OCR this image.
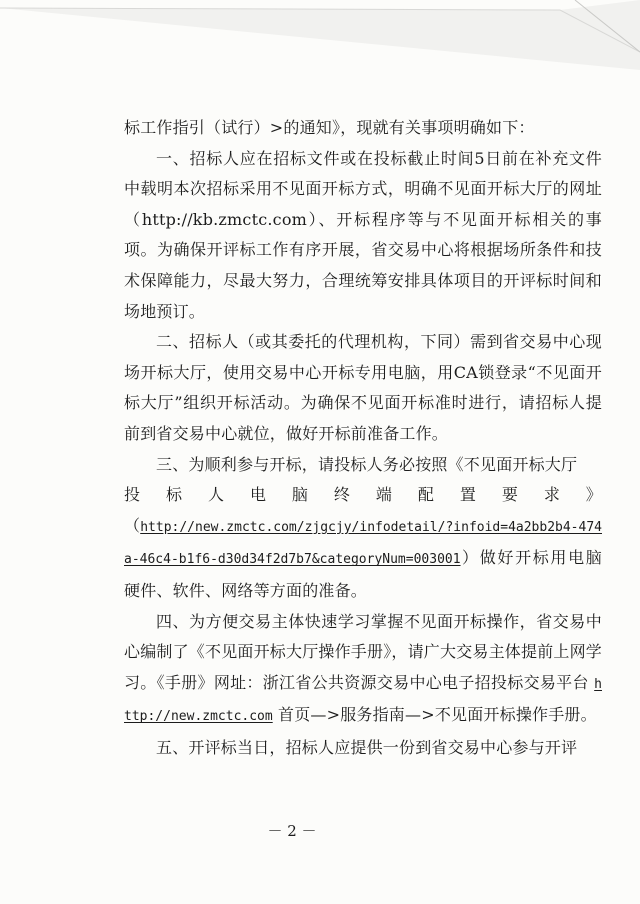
标工作指引（试行）>的通知》，现就有关事项明确如下：

一、招标人应在招标文件或在投标截止时间5日前在补充文件中载明本次招标采用不见面开标方式，明确不见面开标大厅的网址（http://kb.zmctc.com）、开标程序等与不见面开标相关的事项。为确保开评标工作有序开展，省交易中心将根据场所条件和技术保障能力，尽最大努力，合理统筹安排具体项目的开评标时间和场地预订。

二、招标人（或其委托的代理机构，下同）需到省交易中心现场开标大厅，使用交易中心开标专用电脑，用CA锁登录“不见面开标大厅”组织开标活动。为确保不见面开标准时进行，请招标人提前到省交易中心就位，做好开标前准备工作。

三、为顺利参与开标，请投标人务必按照《不见面开标大厅

投标人电脑终端配置要求》

（http://new.zmctc.com/zjgcjy/infodetail/?infoid=4a2bb2b4-474a-46c4-b1f6-d30d34f2d7b7&categoryNum=003001）做好开标用电脑硬件、软件、网络等方面的准备。

四、为方便交易主体快速学习掌握不见面开标操作，省交易中心编制了《不见面开标大厅操作手册》，请广大交易主体提前上网学习。《手册》网址：浙江省公共资源交易中心电子招投标交易平台 http://new.zmctc.com 首页—>服务指南—>不见面开标操作手册。

五、开评标当日，招标人应提供一份到省交易中心参与开评

－ 2 －
